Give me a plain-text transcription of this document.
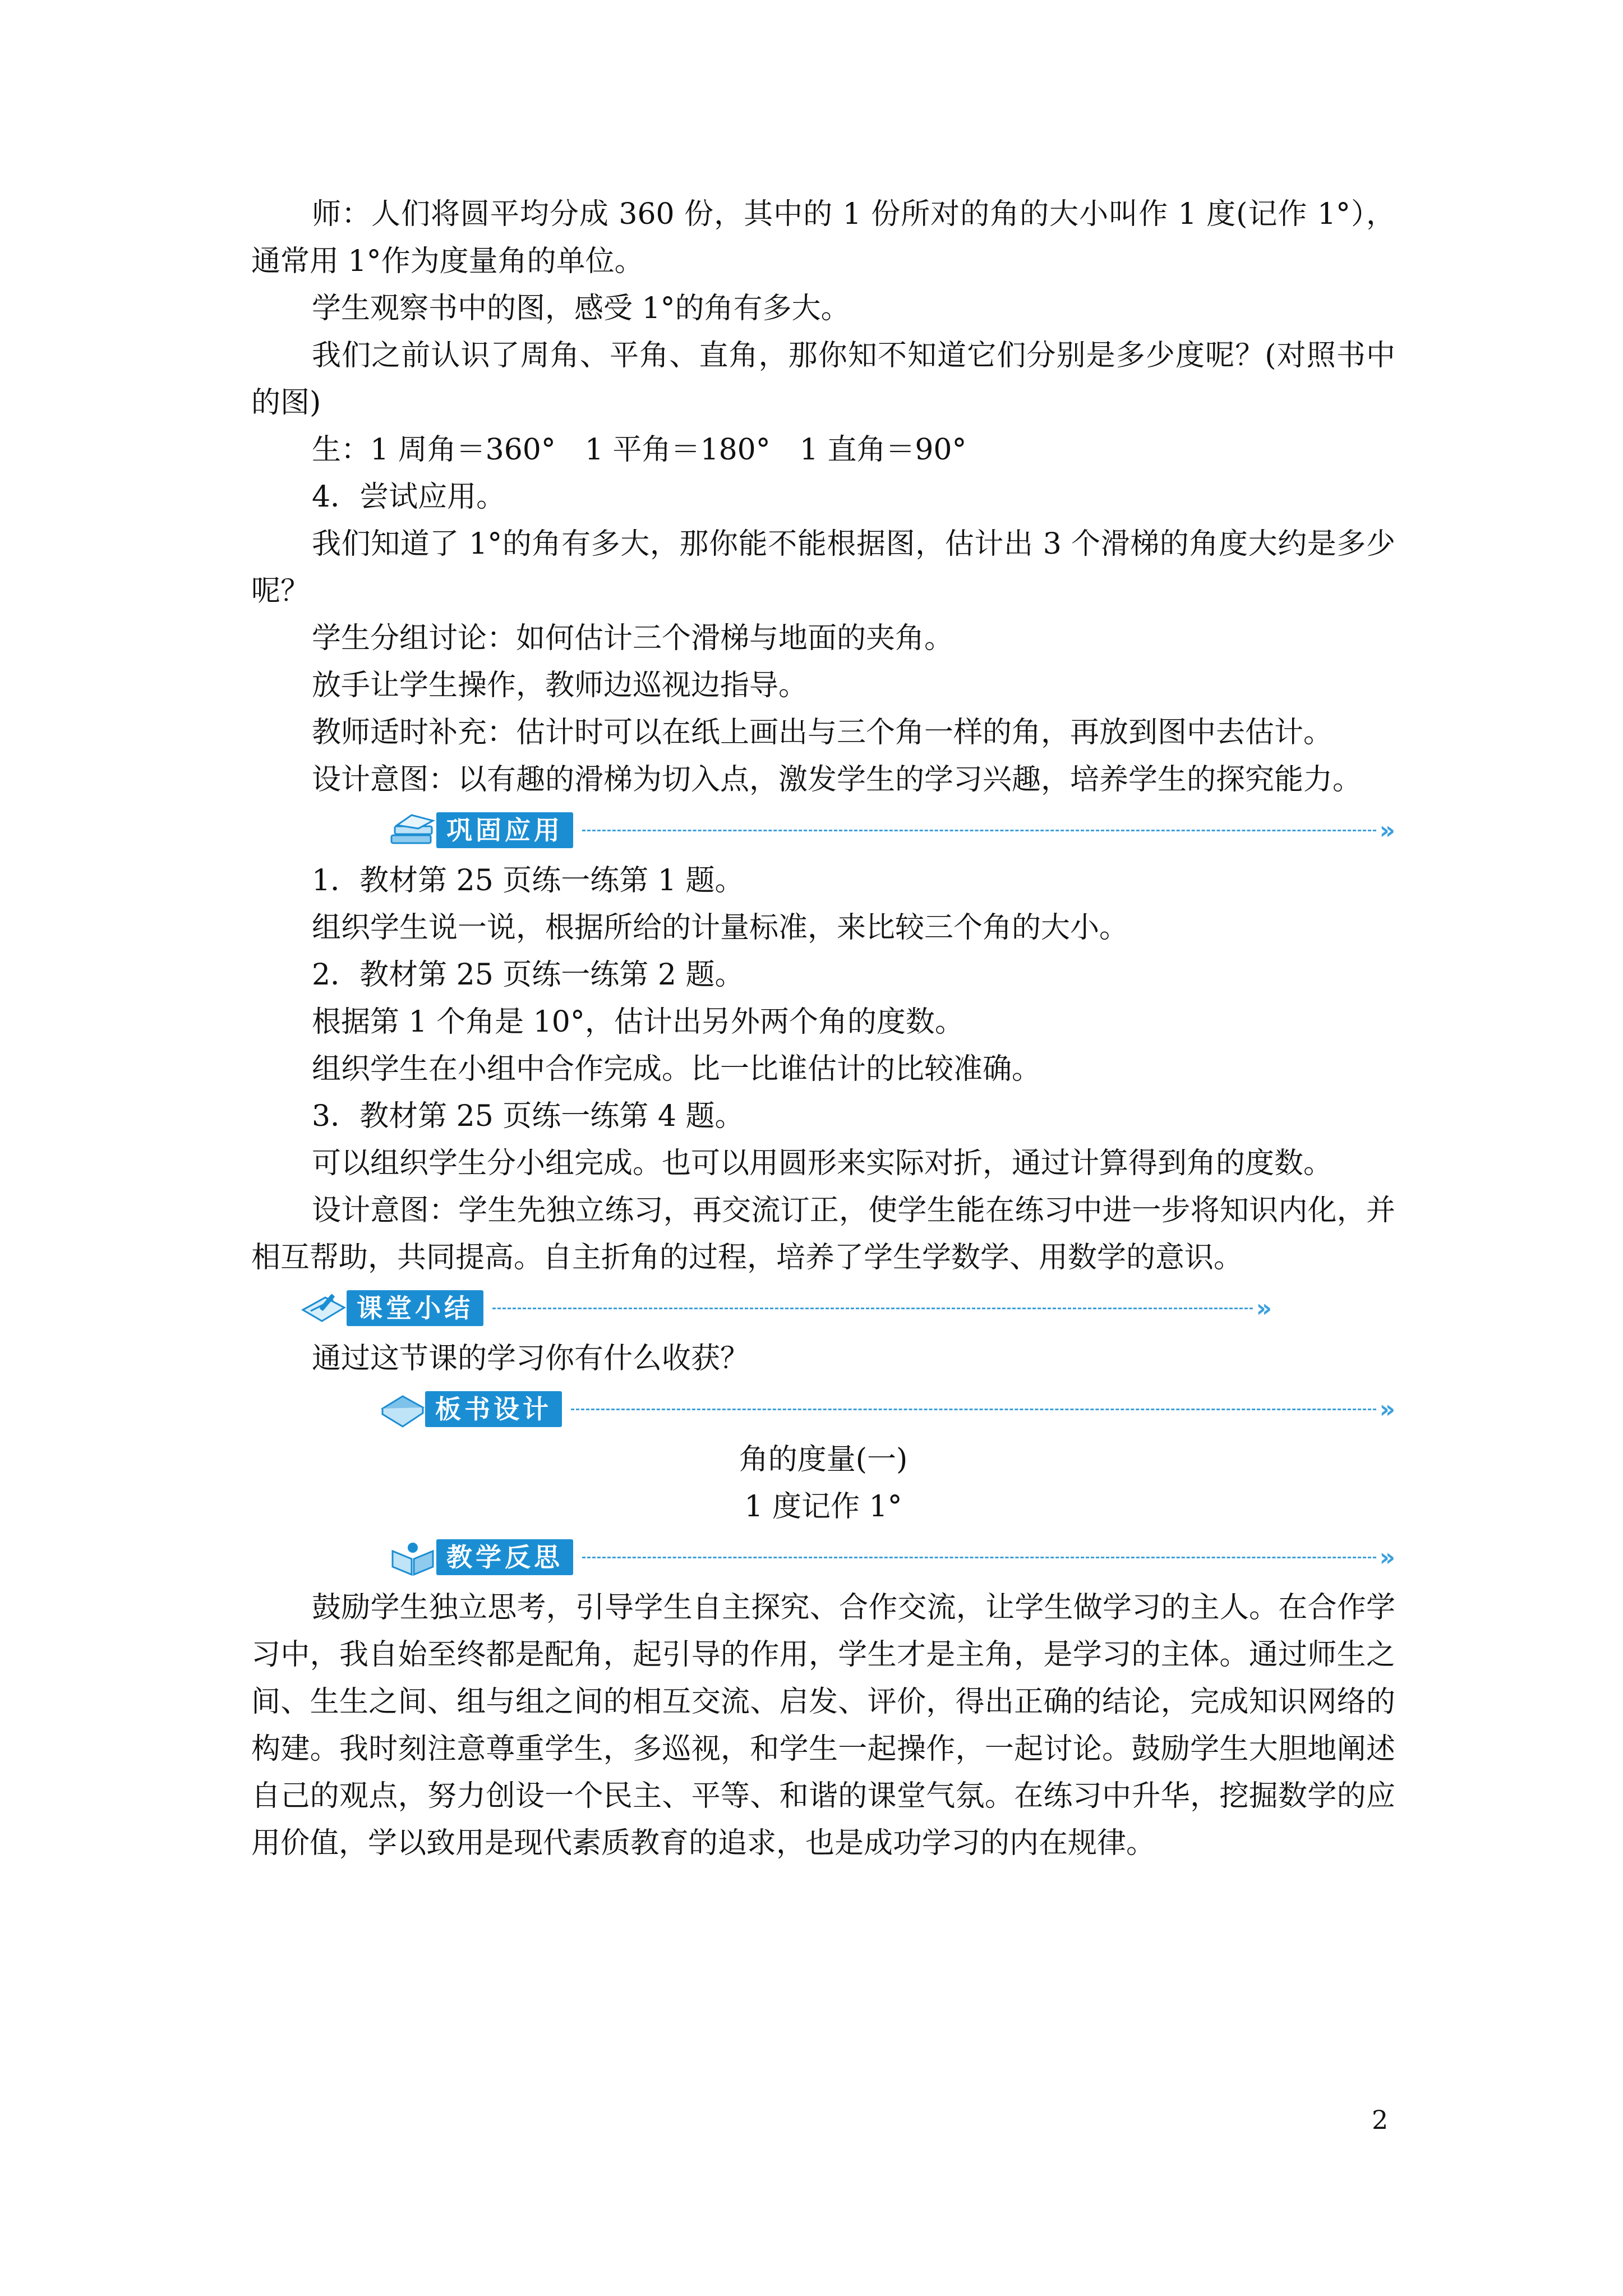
师：人们将圆平均分成 360 份，其中的 1 份所对的角的大小叫作 1 度(记作 1°），通常用 1°作为度量角的单位。

学生观察书中的图，感受 1°的角有多大。

我们之前认识了周角、平角、直角，那你知不知道它们分别是多少度呢？(对照书中的图)

生：1 周角＝360°　1 平角＝180°　1 直角＝90°

4．尝试应用。

我们知道了 1°的角有多大，那你能不能根据图，估计出 3 个滑梯的角度大约是多少呢？

学生分组讨论：如何估计三个滑梯与地面的夹角。

放手让学生操作，教师边巡视边指导。

教师适时补充：估计时可以在纸上画出与三个角一样的角，再放到图中去估计。

设计意图：以有趣的滑梯为切入点，激发学生的学习兴趣，培养学生的探究能力。

巩固应用	»

1．教材第 25 页练一练第 1 题。

组织学生说一说，根据所给的计量标准，来比较三个角的大小。

2．教材第 25 页练一练第 2 题。

根据第 1 个角是 10°，估计出另外两个角的度数。

组织学生在小组中合作完成。比一比谁估计的比较准确。

3．教材第 25 页练一练第 4 题。

可以组织学生分小组完成。也可以用圆形来实际对折，通过计算得到角的度数。

设计意图：学生先独立练习，再交流订正，使学生能在练习中进一步将知识内化，并相互帮助，共同提高。自主折角的过程，培养了学生学数学、用数学的意识。

课堂小结	»

通过这节课的学习你有什么收获？

板书设计	»

角的度量(一)

1 度记作 1°

教学反思	»

鼓励学生独立思考，引导学生自主探究、合作交流，让学生做学习的主人。在合作学习中，我自始至终都是配角，起引导的作用，学生才是主角，是学习的主体。通过师生之间、生生之间、组与组之间的相互交流、启发、评价，得出正确的结论，完成知识网络的构建。我时刻注意尊重学生，多巡视，和学生一起操作，一起讨论。鼓励学生大胆地阐述自己的观点，努力创设一个民主、平等、和谐的课堂气氛。在练习中升华，挖掘数学的应用价值，学以致用是现代素质教育的追求，也是成功学习的内在规律。

2
